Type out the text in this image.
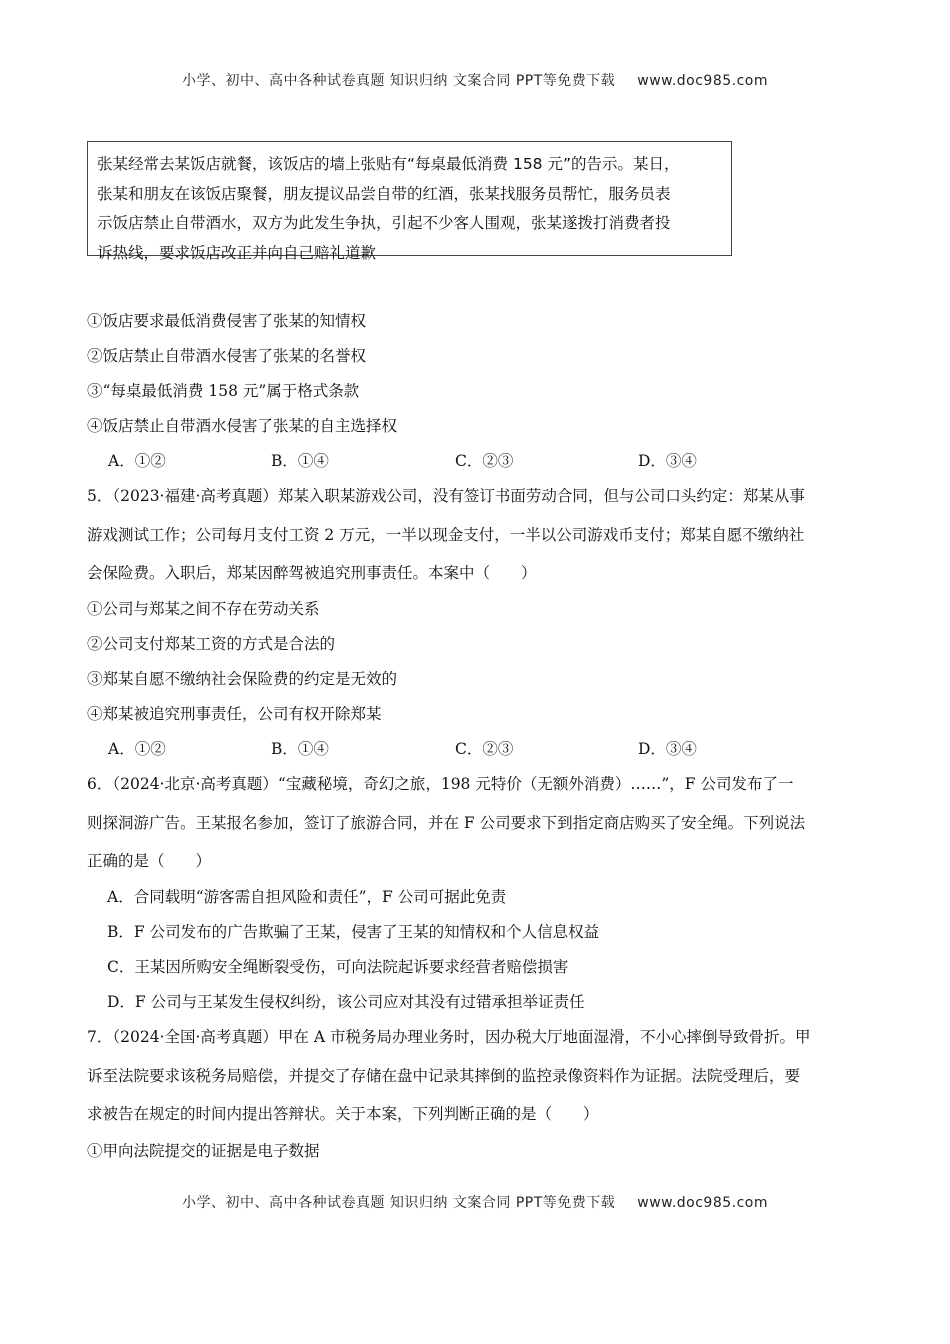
小学、初中、高中各种试卷真题 知识归纳 文案合同 PPT等免费下载 www.doc985.com
张某经常去某饭店就餐，该饭店的墙上张贴有“每桌最低消费 158 元”的告示。某日，
张某和朋友在该饭店聚餐，朋友提议品尝自带的红酒，张某找服务员帮忙，服务员表
示饭店禁止自带酒水，双方为此发生争执，引起不少客人围观，张某遂拨打消费者投
诉热线，要求饭店改正并向自己赔礼道歉
①饭店要求最低消费侵害了张某的知情权
②饭店禁止自带酒水侵害了张某的名誉权
③“每桌最低消费 158 元”属于格式条款
④饭店禁止自带酒水侵害了张某的自主选择权
A．①②	B．①④	C．②③	D．③④
5．（2023·福建·高考真题）郑某入职某游戏公司，没有签订书面劳动合同，但与公司口头约定：郑某从事
游戏测试工作；公司每月支付工资 2 万元，一半以现金支付，一半以公司游戏币支付；郑某自愿不缴纳社
会保险费。入职后，郑某因醉驾被追究刑事责任。本案中（　　）
①公司与郑某之间不存在劳动关系
②公司支付郑某工资的方式是合法的
③郑某自愿不缴纳社会保险费的约定是无效的
④郑某被追究刑事责任，公司有权开除郑某
A．①②	B．①④	C．②③	D．③④
6．（2024·北京·高考真题）“宝藏秘境，奇幻之旅，198 元特价（无额外消费）……”，F 公司发布了一
则探洞游广告。王某报名参加，签订了旅游合同，并在 F 公司要求下到指定商店购买了安全绳。下列说法
正确的是（　　）
A．合同载明“游客需自担风险和责任”，F 公司可据此免责
B．F 公司发布的广告欺骗了王某，侵害了王某的知情权和个人信息权益
C．王某因所购安全绳断裂受伤，可向法院起诉要求经营者赔偿损害
D．F 公司与王某发生侵权纠纷，该公司应对其没有过错承担举证责任
7．（2024·全国·高考真题）甲在 A 市税务局办理业务时，因办税大厅地面湿滑，不小心摔倒导致骨折。甲
诉至法院要求该税务局赔偿，并提交了存储在盘中记录其摔倒的监控录像资料作为证据。法院受理后，要
求被告在规定的时间内提出答辩状。关于本案，下列判断正确的是（　　）
①甲向法院提交的证据是电子数据
小学、初中、高中各种试卷真题 知识归纳 文案合同 PPT等免费下载 www.doc985.com
